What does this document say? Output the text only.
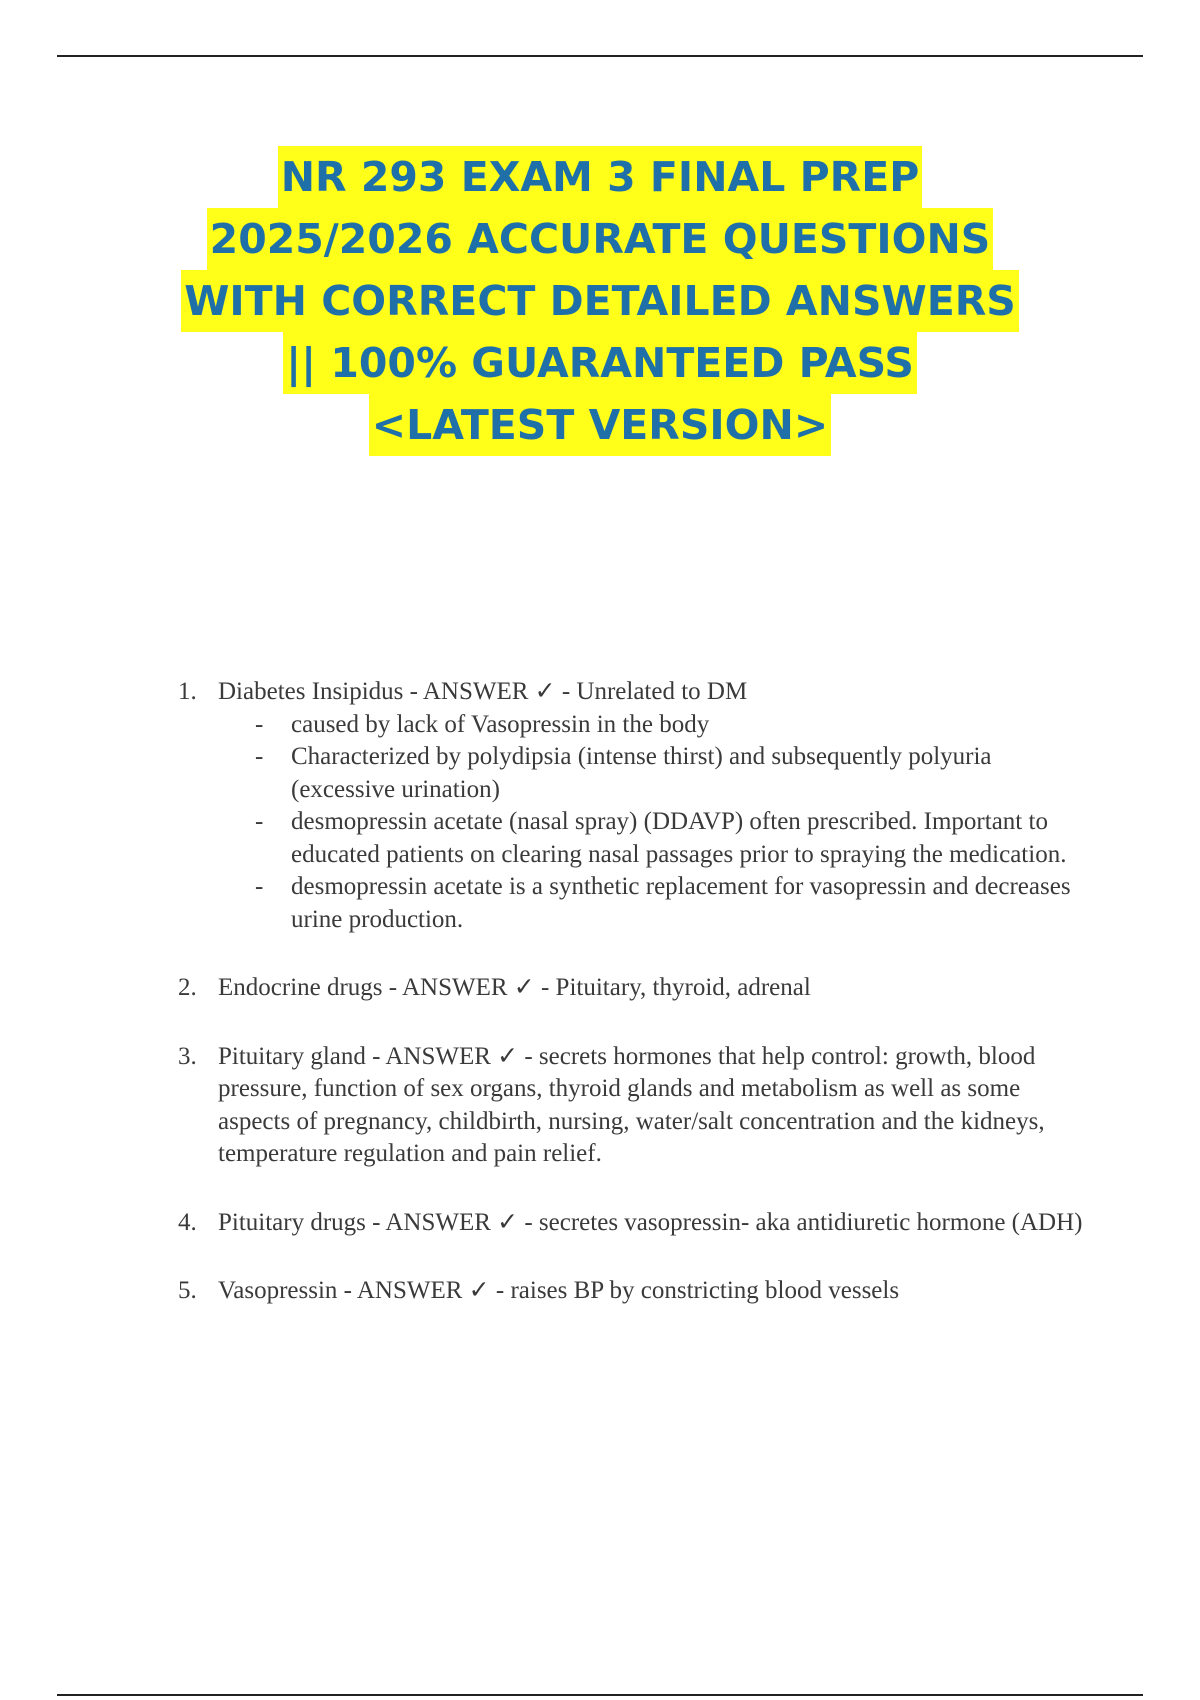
NR 293 EXAM 3 FINAL PREP
2025/2026 ACCURATE QUESTIONS
WITH CORRECT DETAILED ANSWERS
|| 100% GUARANTEED PASS
<LATEST VERSION>
1. Diabetes Insipidus - ANSWER ✓ - Unrelated to DM
- caused by lack of Vasopressin in the body
- Characterized by polydipsia (intense thirst) and subsequently polyuria (excessive urination)
- desmopressin acetate (nasal spray) (DDAVP) often prescribed. Important to educated patients on clearing nasal passages prior to spraying the medication.
- desmopressin acetate is a synthetic replacement for vasopressin and decreases urine production.
2. Endocrine drugs - ANSWER ✓ - Pituitary, thyroid, adrenal
3. Pituitary gland - ANSWER ✓ - secrets hormones that help control: growth, blood pressure, function of sex organs, thyroid glands and metabolism as well as some aspects of pregnancy, childbirth, nursing, water/salt concentration and the kidneys, temperature regulation and pain relief.
4. Pituitary drugs - ANSWER ✓ - secretes vasopressin- aka antidiuretic hormone (ADH)
5. Vasopressin - ANSWER ✓ - raises BP by constricting blood vessels
